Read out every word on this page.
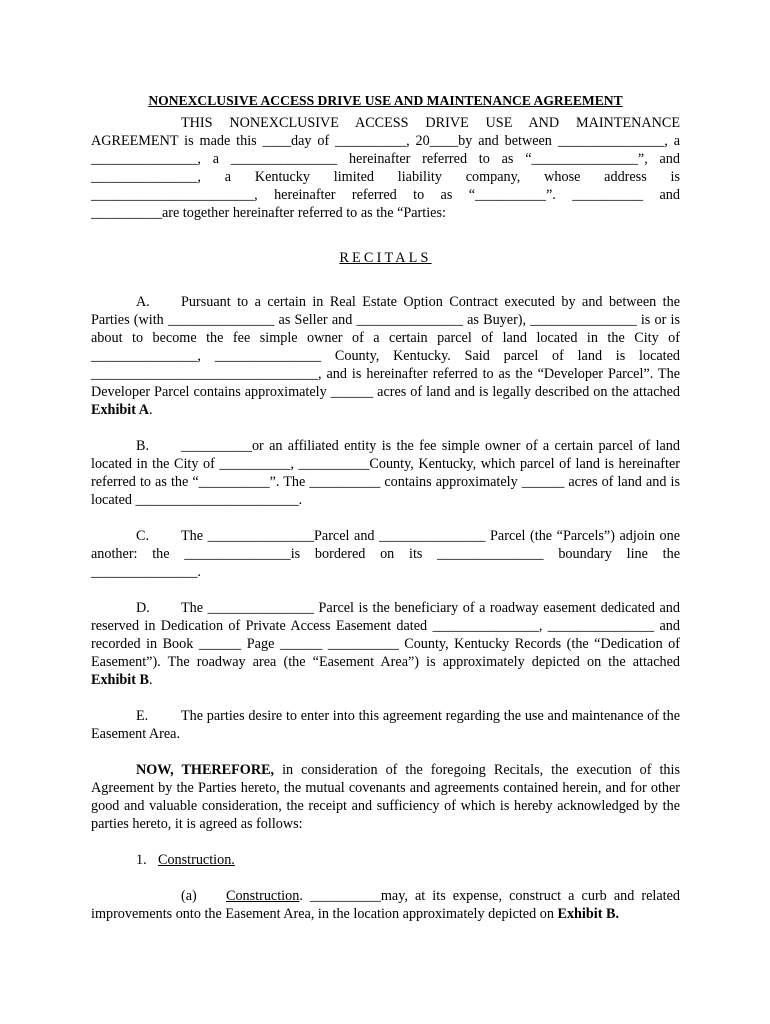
NONEXCLUSIVE ACCESS DRIVE USE AND MAINTENANCE AGREEMENT

THIS NONEXCLUSIVE ACCESS DRIVE USE AND MAINTENANCE AGREEMENT is made this ____day of __________, 20____by and between _______________, a _______________, a _______________ hereinafter referred to as “_______________”, and _______________, a Kentucky limited liability company, whose address is _______________________, hereinafter referred to as “__________”. __________ and __________are together hereinafter referred to as the “Parties:

RECITALS

A. Pursuant to a certain in Real Estate Option Contract executed by and between the Parties (with _______________ as Seller and _______________ as Buyer), _______________ is or is about to become the fee simple owner of a certain parcel of land located in the City of _______________, _______________ County, Kentucky. Said parcel of land is located ________________________________, and is hereinafter referred to as the “Developer Parcel”. The Developer Parcel contains approximately ______ acres of land and is legally described on the attached Exhibit A.

B. __________or an affiliated entity is the fee simple owner of a certain parcel of land located in the City of __________, __________County, Kentucky, which parcel of land is hereinafter referred to as the “__________”. The __________ contains approximately ______ acres of land and is located _______________________.

C. The _______________Parcel and _______________ Parcel (the “Parcels”) adjoin one another: the _______________is bordered on its _______________ boundary line the _______________.

D. The _______________ Parcel is the beneficiary of a roadway easement dedicated and reserved in Dedication of Private Access Easement dated _______________, _______________ and recorded in Book ______ Page ______ __________ County, Kentucky Records (the “Dedication of Easement”). The roadway area (the “Easement Area”) is approximately depicted on the attached Exhibit B.

E. The parties desire to enter into this agreement regarding the use and maintenance of the Easement Area.

NOW, THEREFORE, in consideration of the foregoing Recitals, the execution of this Agreement by the Parties hereto, the mutual covenants and agreements contained herein, and for other good and valuable consideration, the receipt and sufficiency of which is hereby acknowledged by the parties hereto, it is agreed as follows:

1. Construction.

(a) Construction. __________may, at its expense, construct a curb and related improvements onto the Easement Area, in the location approximately depicted on Exhibit B.
